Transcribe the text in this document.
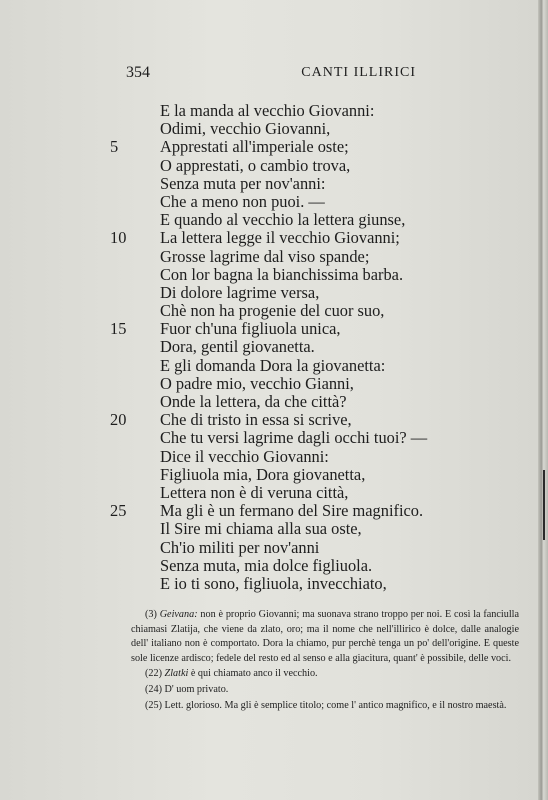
354	CANTI ILLIRICI
E la manda al vecchio Giovanni:
Odimi, vecchio Giovanni,
5	Apprestati all'imperiale oste;
O apprestati, o cambio trova,
Senza muta per nov'anni:
Che a meno non puoi. —
E quando al vecchio la lettera giunse,
10	La lettera legge il vecchio Giovanni;
Grosse lagrime dal viso spande;
Con lor bagna la bianchissima barba.
Di dolore lagrime versa,
Chè non ha progenie del cuor suo,
15	Fuor ch'una figliuola unica,
Dora, gentil giovanetta.
E gli domanda Dora la giovanetta:
O padre mio, vecchio Gianni,
Onde la lettera, da che città?
20	Che di tristo in essa si scrive,
Che tu versi lagrime dagli occhi tuoi? —
Dice il vecchio Giovanni:
Figliuola mia, Dora giovanetta,
Lettera non è di veruna città,
25	Ma gli è un fermano del Sire magnifico.
Il Sire mi chiama alla sua oste,
Ch'io militi per nov'anni
Senza muta, mia dolce figliuola.
E io ti sono, figliuola, invecchiato,

(3) Geivana: non è proprio Giovanni; ma suonava strano troppo per noi. E così la fanciulla chiamasi Zlatija, che viene da zlato, oro; ma il nome che nell'illirico è dolce, dalle analogie dell' italiano non è comportato. Dora la chiamo, pur perchè tenga un po' dell'origine. E queste sole licenze ardisco; fedele del resto ed al senso e alla giacitura, quant' è possibile, delle voci.

(22) Zlatki è qui chiamato anco il vecchio.

(24) D' uom privato.

(25) Lett. glorioso. Ma gli è semplice titolo; come l' antico magnifico, e il nostro maestà.
